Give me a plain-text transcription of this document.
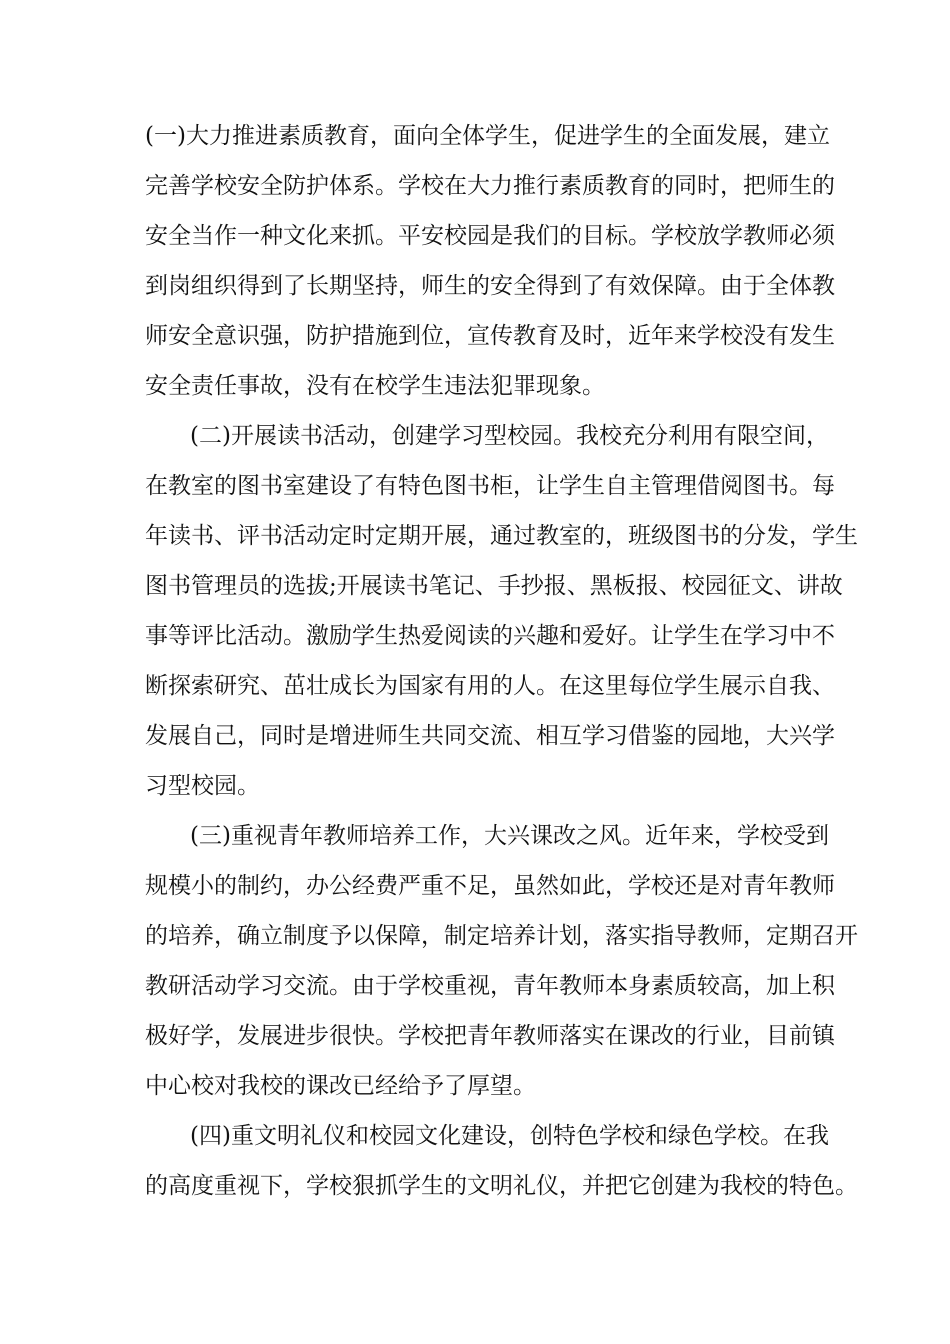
(一)大力推进素质教育，面向全体学生，促进学生的全面发展，建立
完善学校安全防护体系。学校在大力推行素质教育的同时，把师生的
安全当作一种文化来抓。平安校园是我们的目标。学校放学教师必须
到岗组织得到了长期坚持，师生的安全得到了有效保障。由于全体教
师安全意识强，防护措施到位，宣传教育及时，近年来学校没有发生
安全责任事故，没有在校学生违法犯罪现象。
(二)开展读书活动，创建学习型校园。我校充分利用有限空间，
在教室的图书室建设了有特色图书柜，让学生自主管理借阅图书。每
年读书、评书活动定时定期开展，通过教室的，班级图书的分发，学生
图书管理员的选拔;开展读书笔记、手抄报、黑板报、校园征文、讲故
事等评比活动。激励学生热爱阅读的兴趣和爱好。让学生在学习中不
断探索研究、茁壮成长为国家有用的人。在这里每位学生展示自我、
发展自己，同时是增进师生共同交流、相互学习借鉴的园地，大兴学
习型校园。
(三)重视青年教师培养工作，大兴课改之风。近年来，学校受到
规模小的制约，办公经费严重不足，虽然如此，学校还是对青年教师
的培养，确立制度予以保障，制定培养计划，落实指导教师，定期召开
教研活动学习交流。由于学校重视，青年教师本身素质较高，加上积
极好学，发展进步很快。学校把青年教师落实在课改的行业，目前镇
中心校对我校的课改已经给予了厚望。
(四)重文明礼仪和校园文化建设，创特色学校和绿色学校。在我
的高度重视下，学校狠抓学生的文明礼仪，并把它创建为我校的特色。
